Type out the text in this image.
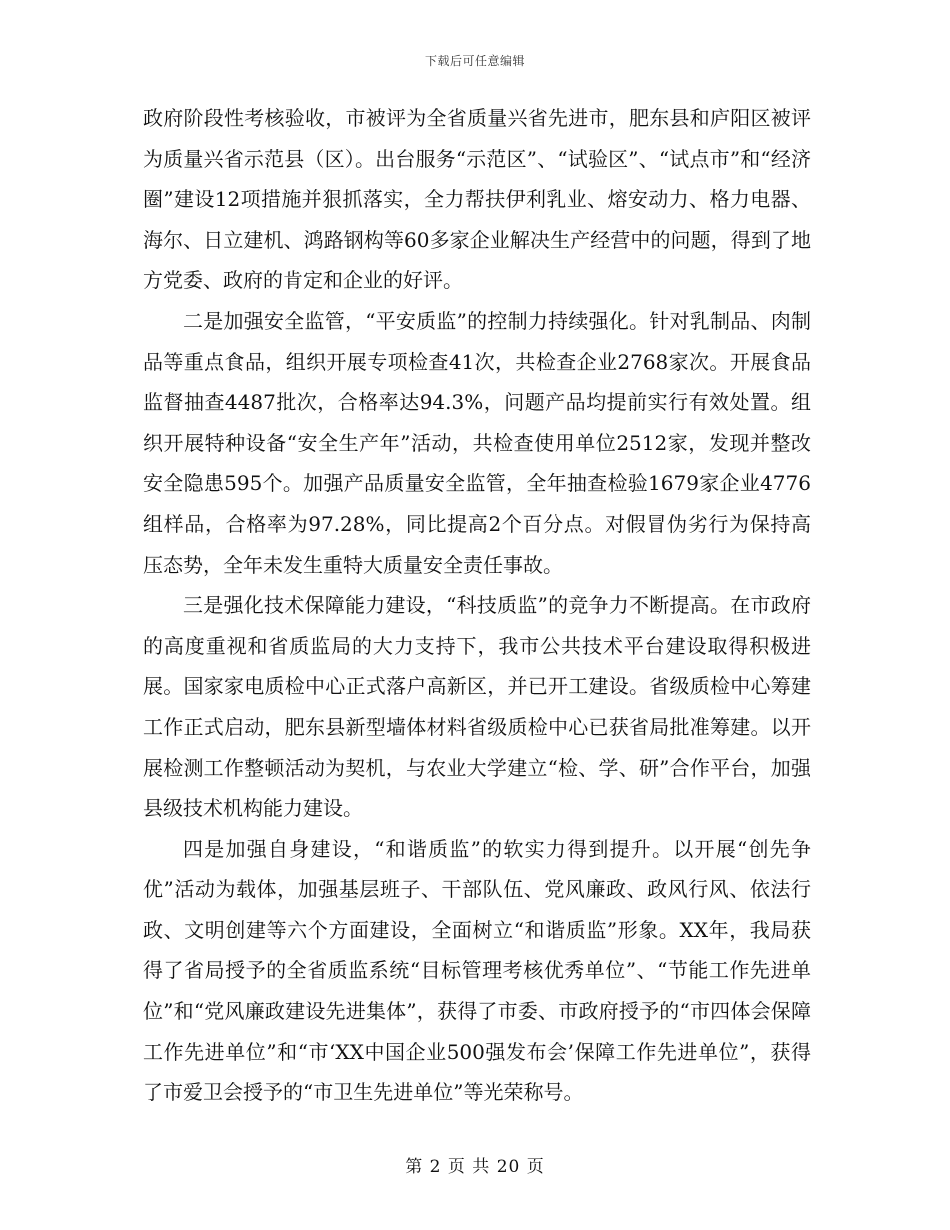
下载后可任意编辑

政府阶段性考核验收，市被评为全省质量兴省先进市，肥东县和庐阳区被评为质量兴省示范县（区）。出台服务“示范区”、“试验区”、“试点市”和“经济圈”建设12项措施并狠抓落实，全力帮扶伊利乳业、熔安动力、格力电器、海尔、日立建机、鸿路钢构等60多家企业解决生产经营中的问题，得到了地方党委、政府的肯定和企业的好评。

二是加强安全监管，“平安质监”的控制力持续强化。针对乳制品、肉制品等重点食品，组织开展专项检查41次，共检查企业2768家次。开展食品监督抽查4487批次，合格率达94.3%，问题产品均提前实行有效处置。组织开展特种设备“安全生产年”活动，共检查使用单位2512家，发现并整改安全隐患595个。加强产品质量安全监管，全年抽查检验1679家企业4776组样品，合格率为97.28%，同比提高2个百分点。对假冒伪劣行为保持高压态势，全年未发生重特大质量安全责任事故。

三是强化技术保障能力建设，“科技质监”的竞争力不断提高。在市政府的高度重视和省质监局的大力支持下，我市公共技术平台建设取得积极进展。国家家电质检中心正式落户高新区，并已开工建设。省级质检中心筹建工作正式启动，肥东县新型墙体材料省级质检中心已获省局批准筹建。以开展检测工作整顿活动为契机，与农业大学建立“检、学、研”合作平台，加强县级技术机构能力建设。

四是加强自身建设，“和谐质监”的软实力得到提升。以开展“创先争优”活动为载体，加强基层班子、干部队伍、党风廉政、政风行风、依法行政、文明创建等六个方面建设，全面树立“和谐质监”形象。XX年，我局获得了省局授予的全省质监系统“目标管理考核优秀单位”、“节能工作先进单位”和“党风廉政建设先进集体”，获得了市委、市政府授予的“市四体会保障工作先进单位”和“市‘XX中国企业500强发布会’保障工作先进单位”，获得了市爱卫会授予的“市卫生先进单位”等光荣称号。

第 2 页 共 20 页
